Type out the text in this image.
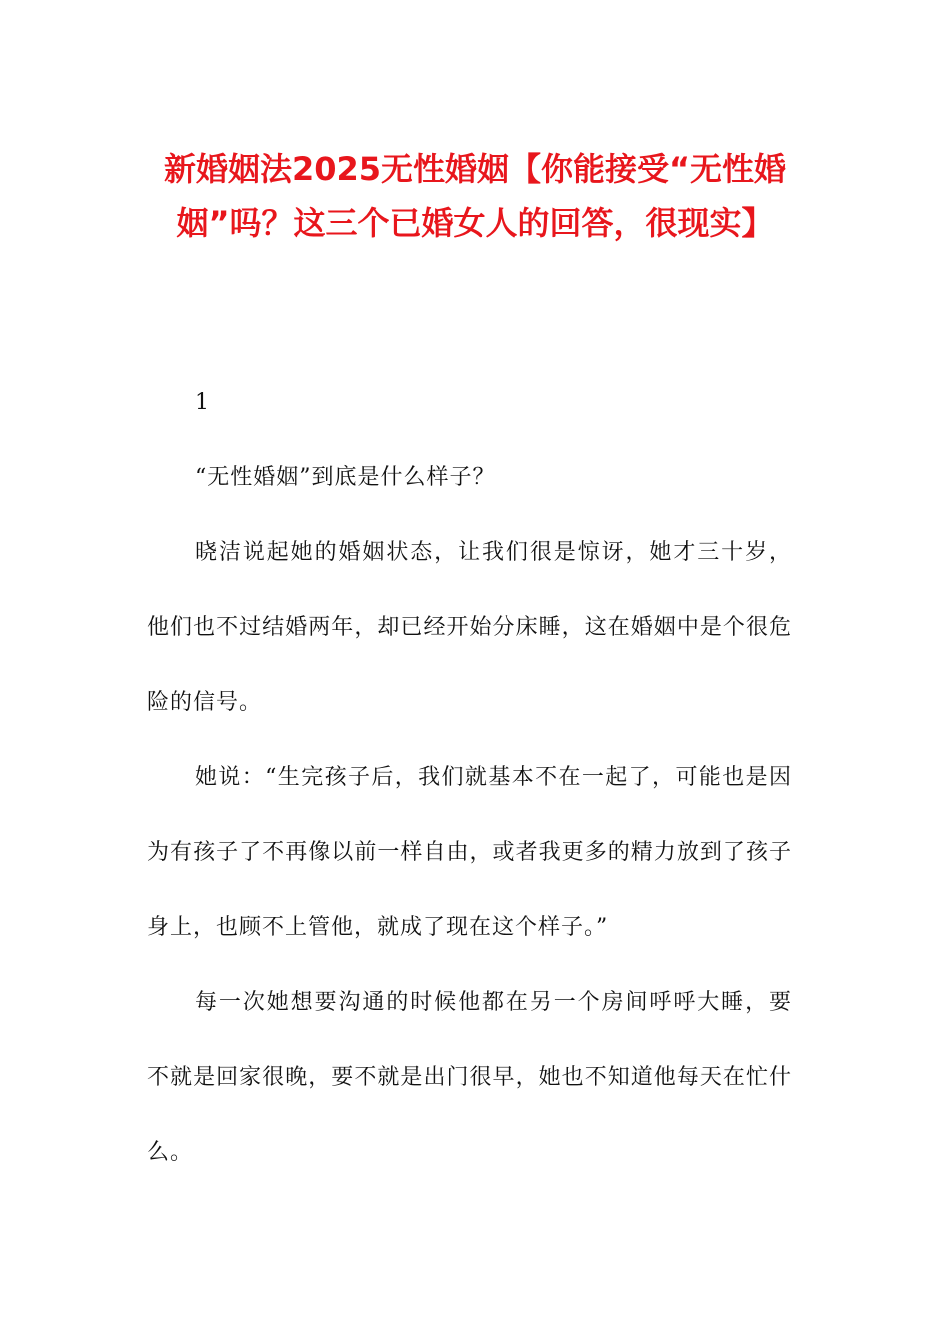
新婚姻法2025无性婚姻【你能接受“无性婚姻”吗？这三个已婚女人的回答，很现实】
1

“无性婚姻”到底是什么样子？

晓洁说起她的婚姻状态，让我们很是惊讶，她才三十岁，他们也不过结婚两年，却已经开始分床睡，这在婚姻中是个很危险的信号。

她说：“生完孩子后，我们就基本不在一起了，可能也是因为有孩子了不再像以前一样自由，或者我更多的精力放到了孩子身上，也顾不上管他，就成了现在这个样子。”

每一次她想要沟通的时候他都在另一个房间呼呼大睡，要不就是回家很晚，要不就是出门很早，她也不知道他每天在忙什么。
